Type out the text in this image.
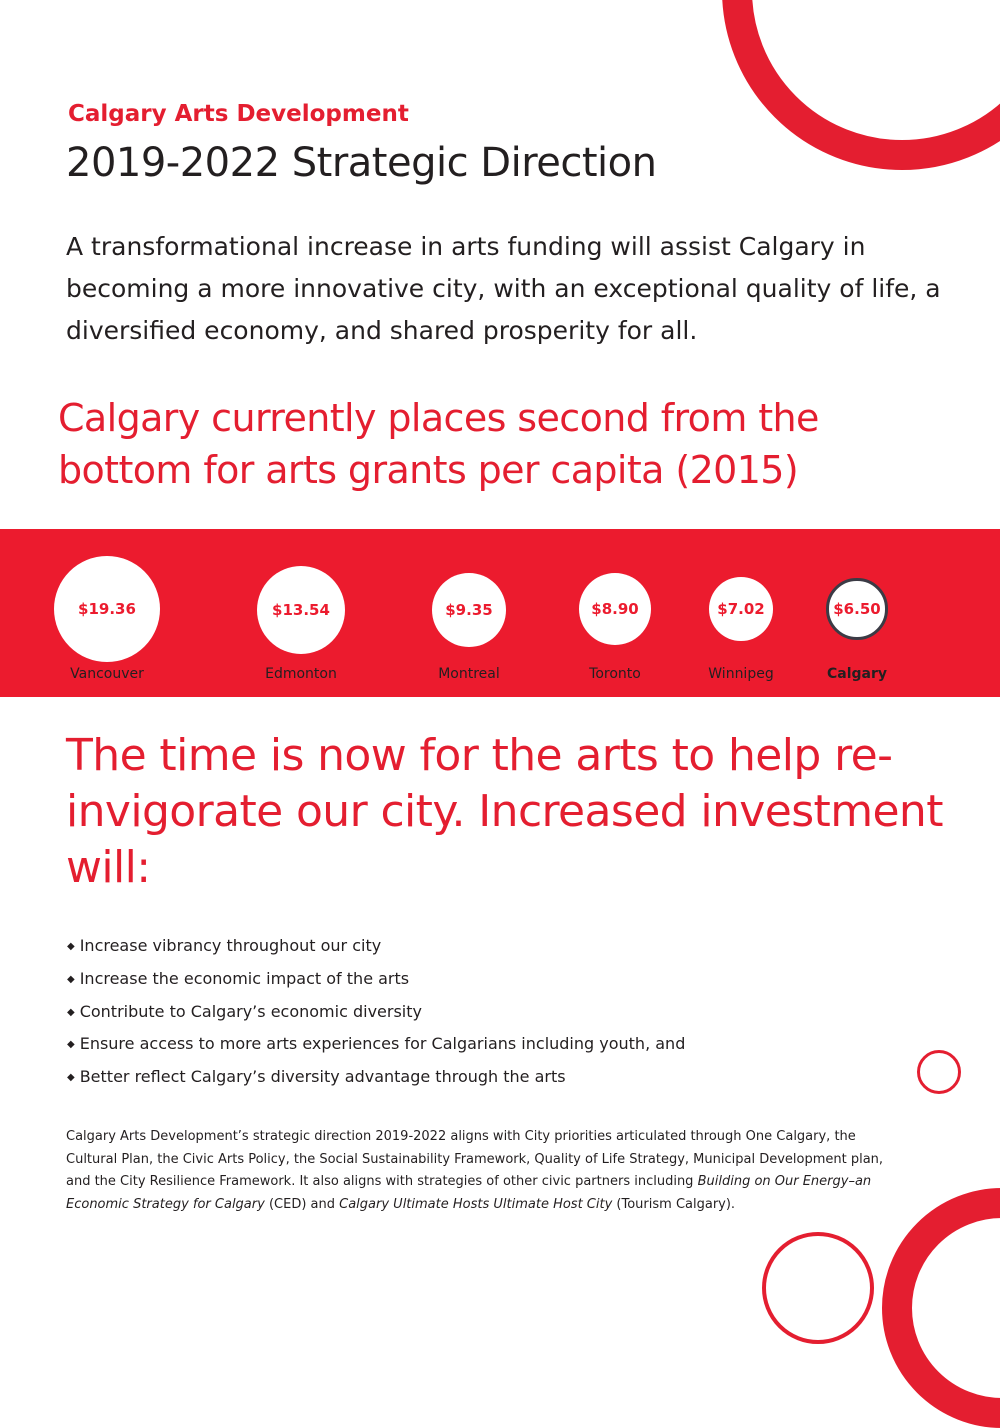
Calgary Arts Development
2019-2022 Strategic Direction
A transformational increase in arts funding will assist Calgary in becoming a more innovative city, with an exceptional quality of life, a diversified economy, and shared prosperity for all.
Calgary currently places second from the bottom for arts grants per capita (2015)
$19.36
Vancouver
$13.54
Edmonton
$9.35
Montreal
$8.90
Toronto
$7.02
Winnipeg
$6.50
Calgary
The time is now for the arts to help re-invigorate our city. Increased investment will:
◆ Increase vibrancy throughout our city
◆ Increase the economic impact of the arts
◆ Contribute to Calgary’s economic diversity
◆ Ensure access to more arts experiences for Calgarians including youth, and
◆ Better reflect Calgary’s diversity advantage through the arts
Calgary Arts Development’s strategic direction 2019-2022 aligns with City priorities articulated through One Calgary, the Cultural Plan, the Civic Arts Policy, the Social Sustainability Framework, Quality of Life Strategy, Municipal Development plan, and the City Resilience Framework. It also aligns with strategies of other civic partners including Building on Our Energy–an Economic Strategy for Calgary (CED) and Calgary Ultimate Hosts Ultimate Host City (Tourism Calgary).
